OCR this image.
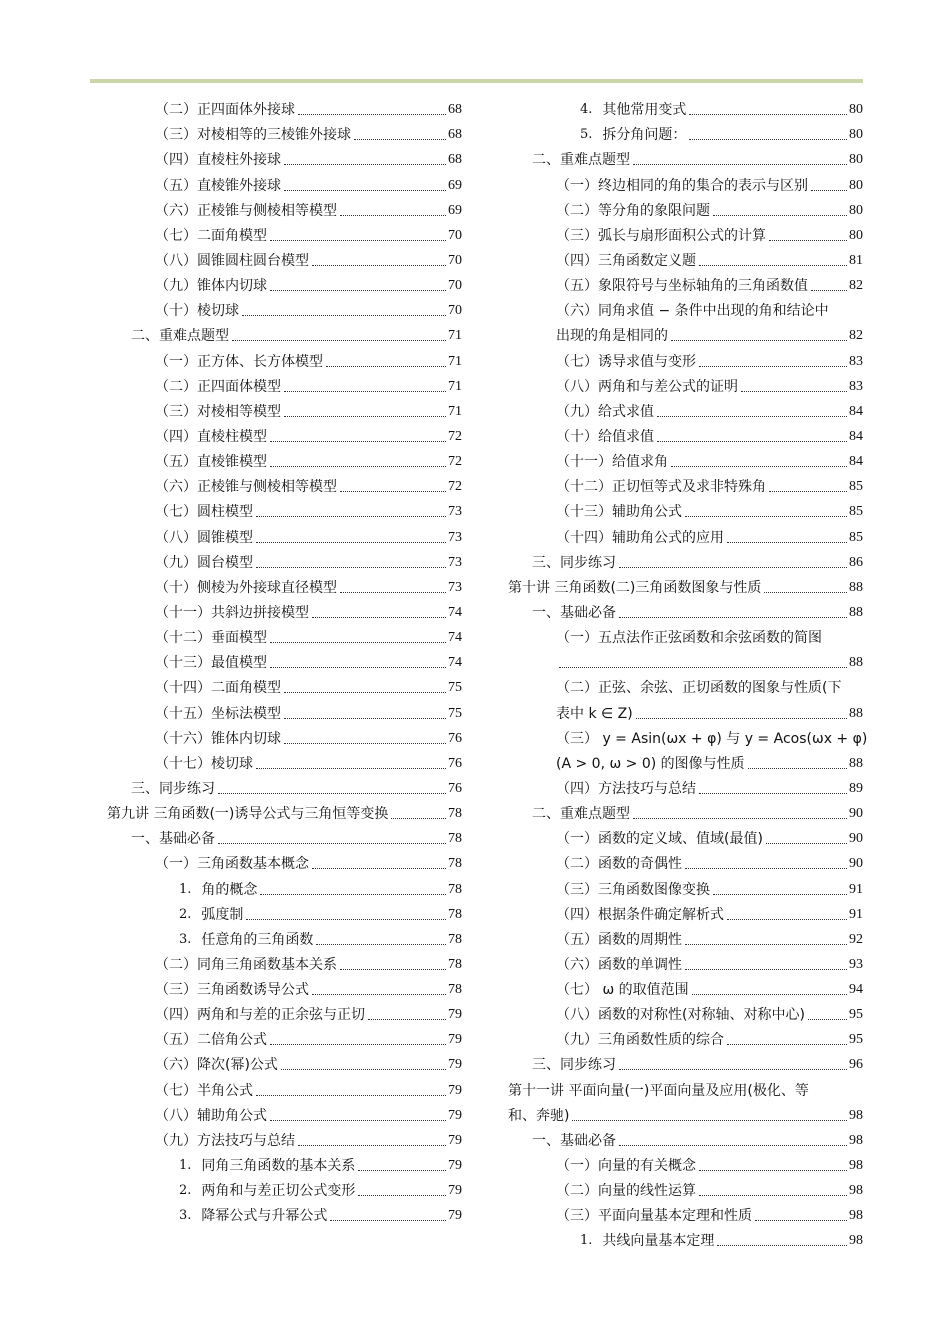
（二）正四面体外接球	68
（三）对棱相等的三棱锥外接球	68
（四）直棱柱外接球	68
（五）直棱锥外接球	69
（六）正棱锥与侧棱相等模型	69
（七）二面角模型	70
（八）圆锥圆柱圆台模型	70
（九）锥体内切球	70
（十）棱切球	70
二、重难点题型	71
（一）正方体、长方体模型	71
（二）正四面体模型	71
（三）对棱相等模型	71
（四）直棱柱模型	72
（五）直棱锥模型	72
（六）正棱锥与侧棱相等模型	72
（七）圆柱模型	73
（八）圆锥模型	73
（九）圆台模型	73
（十）侧棱为外接球直径模型	73
（十一）共斜边拼接模型	74
（十二）垂面模型	74
（十三）最值模型	74
（十四）二面角模型	75
（十五）坐标法模型	75
（十六）锥体内切球	76
（十七）棱切球	76
三、同步练习	76
第九讲 三角函数(一)诱导公式与三角恒等变换	78
一、基础必备	78
（一）三角函数基本概念	78
1. 角的概念	78
2. 弧度制	78
3. 任意角的三角函数	78
（二）同角三角函数基本关系	78
（三）三角函数诱导公式	78
（四）两角和与差的正余弦与正切	79
（五）二倍角公式	79
（六）降次(幂)公式	79
（七）半角公式	79
（八）辅助角公式	79
（九）方法技巧与总结	79
1. 同角三角函数的基本关系	79
2. 两角和与差正切公式变形	79
3. 降幂公式与升幂公式	79
4. 其他常用变式	80
5. 拆分角问题：	80
二、重难点题型	80
（一）终边相同的角的集合的表示与区别	80
（二）等分角的象限问题	80
（三）弧长与扇形面积公式的计算	80
（四）三角函数定义题	81
（五）象限符号与坐标轴角的三角函数值	82
（六）同角求值 − 条件中出现的角和结论中
出现的角是相同的	82
（七）诱导求值与变形	83
（八）两角和与差公式的证明	83
（九）给式求值	84
（十）给值求值	84
（十一）给值求角	84
（十二）正切恒等式及求非特殊角	85
（十三）辅助角公式	85
（十四）辅助角公式的应用	85
三、同步练习	86
第十讲 三角函数(二)三角函数图象与性质	88
一、基础必备	88
（一）五点法作正弦函数和余弦函数的简图
88
（二）正弦、余弦、正切函数的图象与性质(下
表中 k ∈ Z)	88
（三） y = Asin(ωx + φ) 与 y = Acos(ωx + φ)
(A > 0, ω > 0) 的图像与性质	88
（四）方法技巧与总结	89
二、重难点题型	90
（一）函数的定义域、值域(最值)	90
（二）函数的奇偶性	90
（三）三角函数图像变换	91
（四）根据条件确定解析式	91
（五）函数的周期性	92
（六）函数的单调性	93
（七） ω 的取值范围	94
（八）函数的对称性(对称轴、对称中心)	95
（九）三角函数性质的综合	95
三、同步练习	96
第十一讲 平面向量(一)平面向量及应用(极化、等
和、奔驰)	98
一、基础必备	98
（一）向量的有关概念	98
（二）向量的线性运算	98
（三）平面向量基本定理和性质	98
1. 共线向量基本定理	98
